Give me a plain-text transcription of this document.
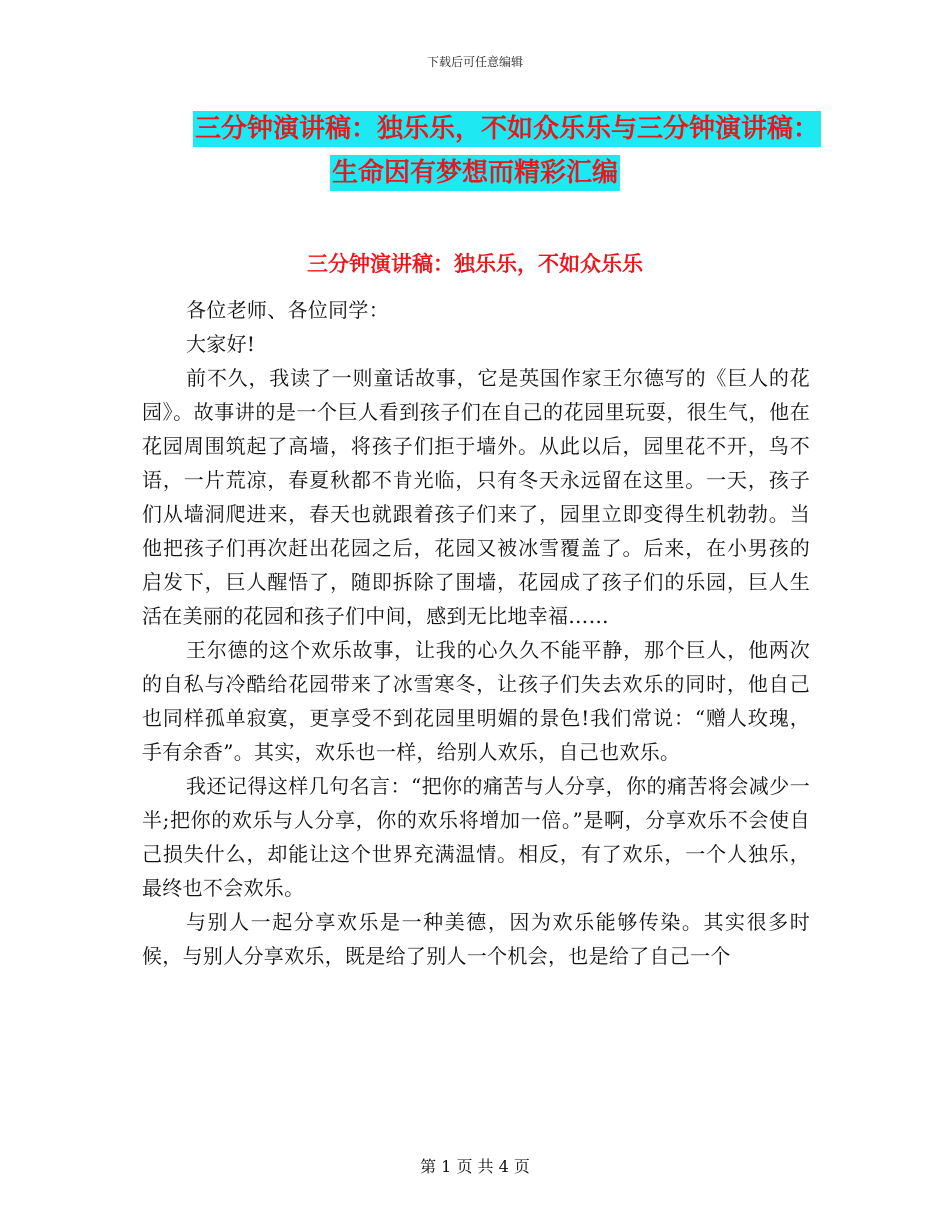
下载后可任意编辑
三分钟演讲稿：独乐乐，不如众乐乐与三分钟演讲稿：
生命因有梦想而精彩汇编
三分钟演讲稿：独乐乐，不如众乐乐

各位老师、各位同学：

大家好!

前不久，我读了一则童话故事，它是英国作家王尔德写的《巨人的花园》。故事讲的是一个巨人看到孩子们在自己的花园里玩耍，很生气，他在花园周围筑起了高墙，将孩子们拒于墙外。从此以后，园里花不开，鸟不语，一片荒凉，春夏秋都不肯光临，只有冬天永远留在这里。一天，孩子们从墙洞爬进来，春天也就跟着孩子们来了，园里立即变得生机勃勃。当他把孩子们再次赶出花园之后，花园又被冰雪覆盖了。后来，在小男孩的启发下，巨人醒悟了，随即拆除了围墙，花园成了孩子们的乐园，巨人生活在美丽的花园和孩子们中间，感到无比地幸福……

王尔德的这个欢乐故事，让我的心久久不能平静，那个巨人，他两次的自私与冷酷给花园带来了冰雪寒冬，让孩子们失去欢乐的同时，他自己也同样孤单寂寞，更享受不到花园里明媚的景色!我们常说：“赠人玫瑰，手有余香”。其实，欢乐也一样，给别人欢乐，自己也欢乐。

我还记得这样几句名言：“把你的痛苦与人分享，你的痛苦将会减少一半;把你的欢乐与人分享，你的欢乐将增加一倍。”是啊，分享欢乐不会使自己损失什么，却能让这个世界充满温情。相反，有了欢乐，一个人独乐，最终也不会欢乐。

与别人一起分享欢乐是一种美德，因为欢乐能够传染。其实很多时候，与别人分享欢乐，既是给了别人一个机会，也是给了自己一个

第 1 页 共 4 页
